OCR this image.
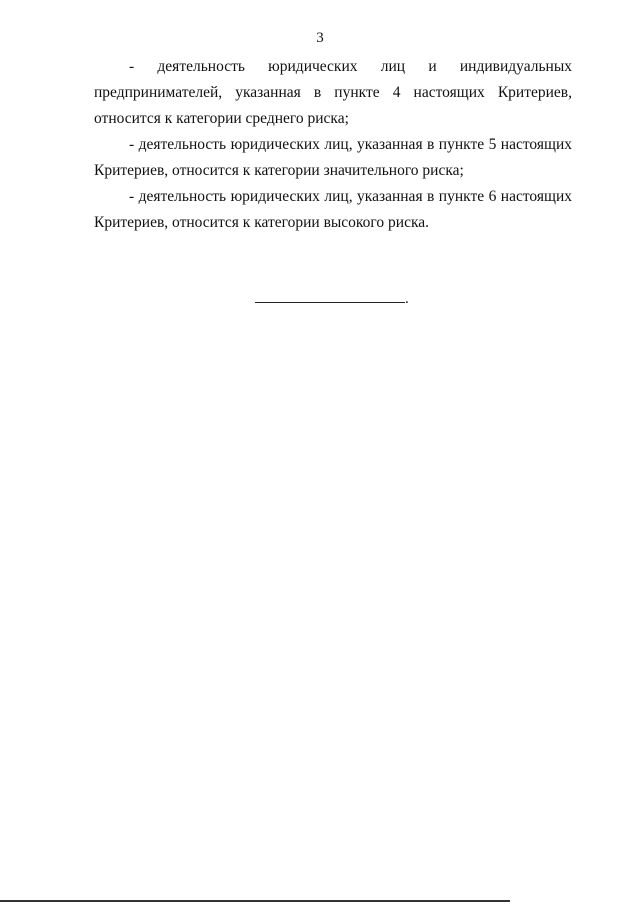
3

- деятельность юридических лиц и индивидуальных предпринимателей, указанная в пункте 4 настоящих Критериев, относится к категории среднего риска;

- деятельность юридических лиц, указанная в пункте 5 настоящих Критериев, относится к категории значительного риска;

- деятельность юридических лиц, указанная в пункте 6 настоящих Критериев, относится к категории высокого риска.

.
